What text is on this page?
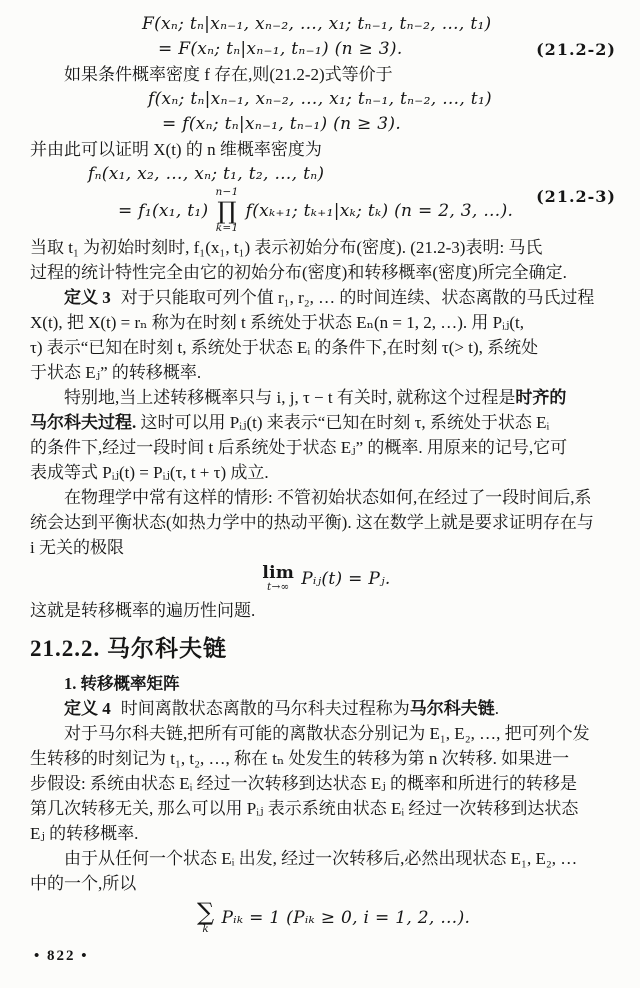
F(xₙ; tₙ|xₙ₋₁, xₙ₋₂, …, x₁; tₙ₋₁, tₙ₋₂, …, t₁)
= F(xₙ; tₙ|xₙ₋₁, tₙ₋₁) (n ≥ 3).	(21.2-2)
如果条件概率密度 f 存在,则(21.2-2)式等价于
f(xₙ; tₙ|xₙ₋₁, xₙ₋₂, …, x₁; tₙ₋₁, tₙ₋₂, …, t₁)
= f(xₙ; tₙ|xₙ₋₁, tₙ₋₁) (n ≥ 3).
并由此可以证明 X(t) 的 n 维概率密度为
fₙ(x₁, x₂, …, xₙ; t₁, t₂, …, tₙ)
= f₁(x₁, t₁)
n−1
∏
k=1
f(xₖ₊₁; tₖ₊₁|xₖ; tₖ) (n = 2, 3, …).
(21.2-3)
当取 t₁ 为初始时刻时, f₁(x₁, t₁) 表示初始分布(密度). (21.2-3)表明: 马氏
过程的统计特性完全由它的初始分布(密度)和转移概率(密度)所完全确定.
定义 3 对于只能取可列个值 r₁, r₂, … 的时间连续、状态离散的马氏过程
X(t), 把 X(t) = rₙ 称为在时刻 t 系统处于状态 Eₙ(n = 1, 2, …). 用 Pᵢⱼ(t,
τ) 表示“已知在时刻 t, 系统处于状态 Eᵢ 的条件下,在时刻 τ(> t), 系统处
于状态 Eⱼ” 的转移概率.
特别地,当上述转移概率只与 i, j, τ − t 有关时, 就称这个过程是时齐的
马尔科夫过程. 这时可以用 Pᵢⱼ(t) 来表示“已知在时刻 τ, 系统处于状态 Eᵢ
的条件下,经过一段时间 t 后系统处于状态 Eⱼ” 的概率. 用原来的记号,它可
表成等式 Pᵢⱼ(t) = Pᵢⱼ(τ, t + τ) 成立.
在物理学中常有这样的情形: 不管初始状态如何,在经过了一段时间后,系
统会达到平衡状态(如热力学中的热动平衡). 这在数学上就是要求证明存在与
i 无关的极限
lim
t→∞ Pᵢⱼ(t) = Pⱼ.
这就是转移概率的遍历性问题.
21.2.2. 马尔科夫链
1. 转移概率矩阵
定义 4 时间离散状态离散的马尔科夫过程称为马尔科夫链.
对于马尔科夫链,把所有可能的离散状态分别记为 E₁, E₂, …, 把可列个发
生转移的时刻记为 t₁, t₂, …, 称在 tₙ 处发生的转移为第 n 次转移. 如果进一
步假设: 系统由状态 Eᵢ 经过一次转移到达状态 Eⱼ 的概率和所进行的转移是
第几次转移无关, 那么可以用 Pᵢⱼ 表示系统由状态 Eᵢ 经过一次转移到达状态
Eⱼ 的转移概率.
由于从任何一个状态 Eᵢ 出发, 经过一次转移后,必然出现状态 E₁, E₂, …
中的一个,所以
∑
k
Pᵢₖ = 1 (Pᵢₖ ≥ 0, i = 1, 2, …).
• 822 •
